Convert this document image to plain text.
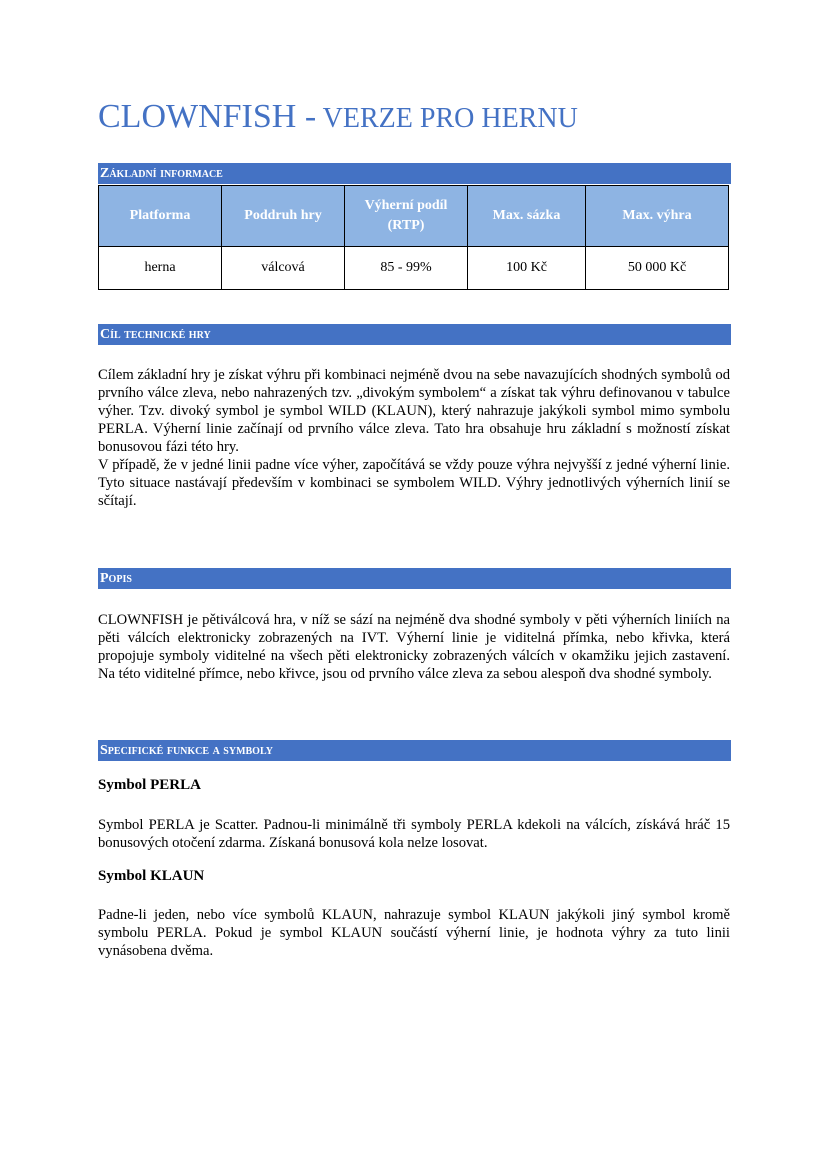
CLOWNFISH - VERZE PRO HERNU
Základní informace
Platforma	Poddruh hry	Výherní podíl (RTP)	Max. sázka	Max. výhra
herna	válcová	85 - 99%	100 Kč	50 000 Kč
Cíl technické hry
Cílem základní hry je získat výhru při kombinaci nejméně dvou na sebe navazujících shodných symbolů od prvního válce zleva, nebo nahrazených tzv. „divokým symbolem“ a získat tak výhru definovanou v tabulce výher. Tzv. divoký symbol je symbol WILD (KLAUN), který nahrazuje jakýkoli symbol mimo symbolu PERLA. Výherní linie začínají od prvního válce zleva. Tato hra obsahuje hru základní s možností získat bonusovou fázi této hry.
V případě, že v jedné linii padne více výher, započítává se vždy pouze výhra nejvyšší z jedné výherní linie. Tyto situace nastávají především v kombinaci se symbolem WILD. Výhry jednotlivých výherních linií se sčítají.
Popis

CLOWNFISH je pětiválcová hra, v níž se sází na nejméně dva shodné symboly v pěti výherních liniích na pěti válcích elektronicky zobrazených na IVT. Výherní linie je viditelná přímka, nebo křivka, která propojuje symboly viditelné na všech pěti elektronicky zobrazených válcích v okamžiku jejich zastavení. Na této viditelné přímce, nebo křivce, jsou od prvního válce zleva za sebou alespoň dva shodné symboly.

Specifické funkce a symboly
Symbol PERLA

Symbol PERLA je Scatter. Padnou-li minimálně tři symboly PERLA kdekoli na válcích, získává hráč 15 bonusových otočení zdarma. Získaná bonusová kola nelze losovat.

Symbol KLAUN

Padne-li jeden, nebo více symbolů KLAUN, nahrazuje symbol KLAUN jakýkoli jiný symbol kromě symbolu PERLA. Pokud je symbol KLAUN součástí výherní linie, je hodnota výhry za tuto linii vynásobena dvěma.
